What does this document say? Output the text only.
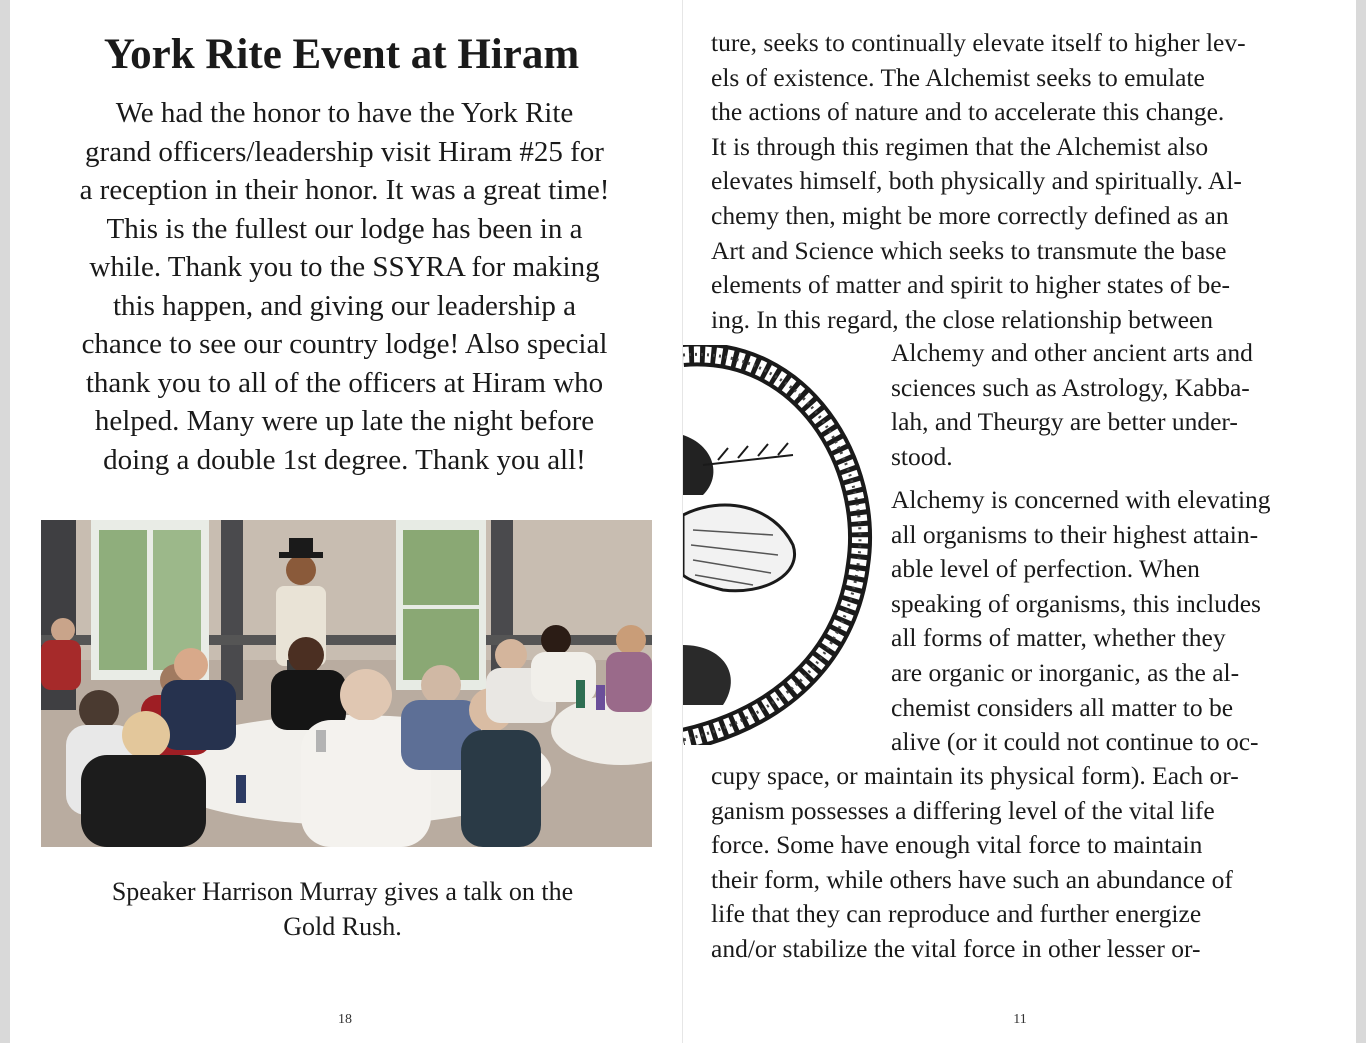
York Rite Event at Hiram

We had the honor to have the York Rite
grand officers/leadership visit Hiram #25 for
a reception in their honor. It was a great time!
This is the fullest our lodge has been in a
while. Thank you to the SSYRA for making
this happen, and giving our leadership a
chance to see our country lodge! Also special
thank you to all of the officers at Hiram who
helped. Many were up late the night before
doing a double 1st degree. Thank you all!

Speaker Harrison Murray gives a talk on the
Gold Rush.

18
ture, seeks to continually elevate itself to higher lev-
els of existence. The Alchemist seeks to emulate
the actions of nature and to accelerate this change.
It is through this regimen that the Alchemist also
elevates himself, both physically and spiritually. Al-
chemy then, might be more correctly defined as an
Art and Science which seeks to transmute the base
elements of matter and spirit to higher states of be-
ing. In this regard, the close relationship between
Alchemy and other ancient arts and
sciences such as Astrology, Kabba-
lah, and Theurgy are better under-
stood.
Alchemy is concerned with elevating
all organisms to their highest attain-
able level of perfection. When
speaking of organisms, this includes
all forms of matter, whether they
are organic or inorganic, as the al-
chemist considers all matter to be
alive (or it could not continue to oc-
cupy space, or maintain its physical form). Each or-
ganism possesses a differing level of the vital life
force. Some have enough vital force to maintain
their form, while others have such an abundance of
life that they can reproduce and further energize
and/or stabilize the vital force in other lesser or-
11
